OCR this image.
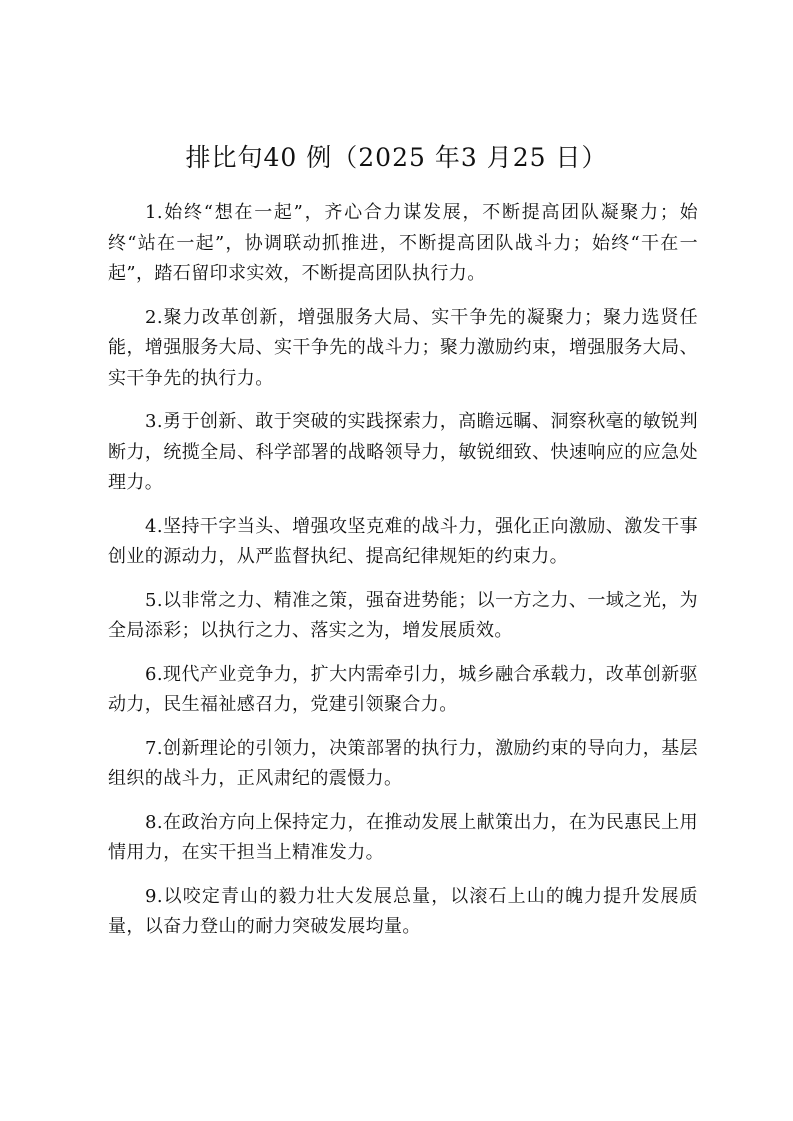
排比句40 例（2025 年3 月25 日）

1.始终“想在一起”，齐心合力谋发展，不断提高团队凝聚力；始终“站在一起”，协调联动抓推进，不断提高团队战斗力；始终“干在一起”，踏石留印求实效，不断提高团队执行力。

2.聚力改革创新，增强服务大局、实干争先的凝聚力；聚力选贤任能，增强服务大局、实干争先的战斗力；聚力激励约束，增强服务大局、实干争先的执行力。

3.勇于创新、敢于突破的实践探索力，高瞻远瞩、洞察秋毫的敏锐判断力，统揽全局、科学部署的战略领导力，敏锐细致、快速响应的应急处理力。

4.坚持干字当头、增强攻坚克难的战斗力，强化正向激励、激发干事创业的源动力，从严监督执纪、提高纪律规矩的约束力。

5.以非常之力、精准之策，强奋进势能；以一方之力、一域之光，为全局添彩；以执行之力、落实之为，增发展质效。

6.现代产业竞争力，扩大内需牵引力，城乡融合承载力，改革创新驱动力，民生福祉感召力，党建引领聚合力。

7.创新理论的引领力，决策部署的执行力，激励约束的导向力，基层组织的战斗力，正风肃纪的震慑力。

8.在政治方向上保持定力，在推动发展上献策出力，在为民惠民上用情用力，在实干担当上精准发力。

9.以咬定青山的毅力壮大发展总量，以滚石上山的魄力提升发展质量，以奋力登山的耐力突破发展均量。
